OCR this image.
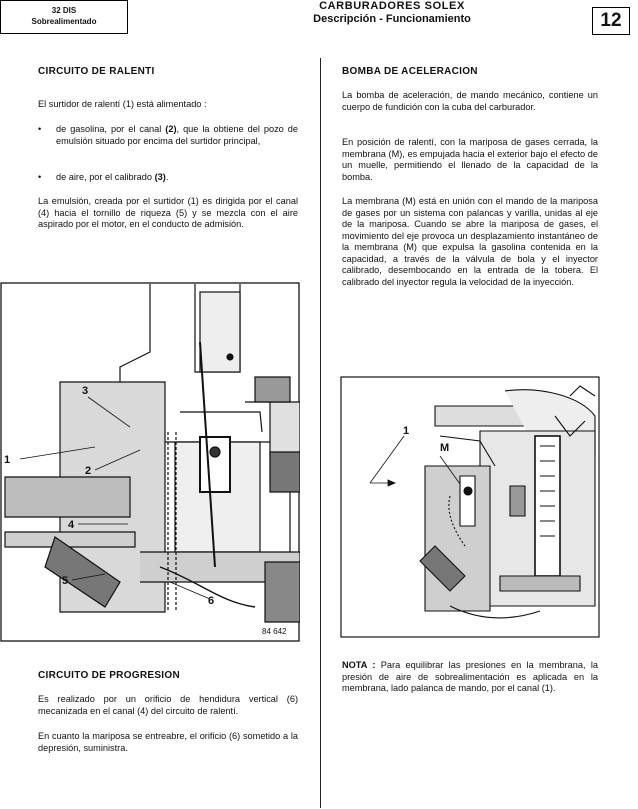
32 DIS
Sobrealimentado
CARBURADORES SOLEX
Descripción - Funcionamiento	12
CIRCUITO DE RALENTI
El surtidor de ralentí (1) está alimentado :
• de gasolina, por el canal (2), que la obtiene del pozo de emulsión situado por encima del surtidor principal,
• de aire, por el calibrado (3).
La emulsión, creada por el surtidor (1) es dirigida por el canal (4) hacia el tornillo de riqueza (5) y se mezcla con el aire aspirado por el motor, en el conducto de admisión.
3
1
2
4
5
6
84 642
CIRCUITO DE PROGRESION
Es realizado por un orificio de hendidura vertical (6) mecanizada en el canal (4) del circuito de ralentí.
En cuanto la mariposa se entreabre, el orificio (6) sometido a la depresión, suministra.
BOMBA DE ACELERACION
La bomba de aceleración, de mando mecánico, contiene un cuerpo de fundición con la cuba del carburador.
En posición de ralentí, con la mariposa de gases cerrada, la membrana (M), es empujada hacia el exterior bajo el efecto de un muelle, permitiendo el llenado de la capacidad de la bomba.
La membrana (M) está en unión con el mando de la mariposa de gases por un sistema con palancas y varilla, unidas al eje de la mariposa. Cuando se abre la mariposa de gases, el movimiento del eje provoca un desplazamiento instantáneo de la membrana (M) que expulsa la gasolina contenida en la capacidad, a través de la válvula de bola y el inyector calibrado, desembocando en la entrada de la tobera. El calibrado del inyector regula la velocidad de la inyección.
1
M
NOTA : Para equilibrar las presiones en la membrana, la presión de aire de sobrealimentación es aplicada en la membrana, lado palanca de mando, por el canal (1).
